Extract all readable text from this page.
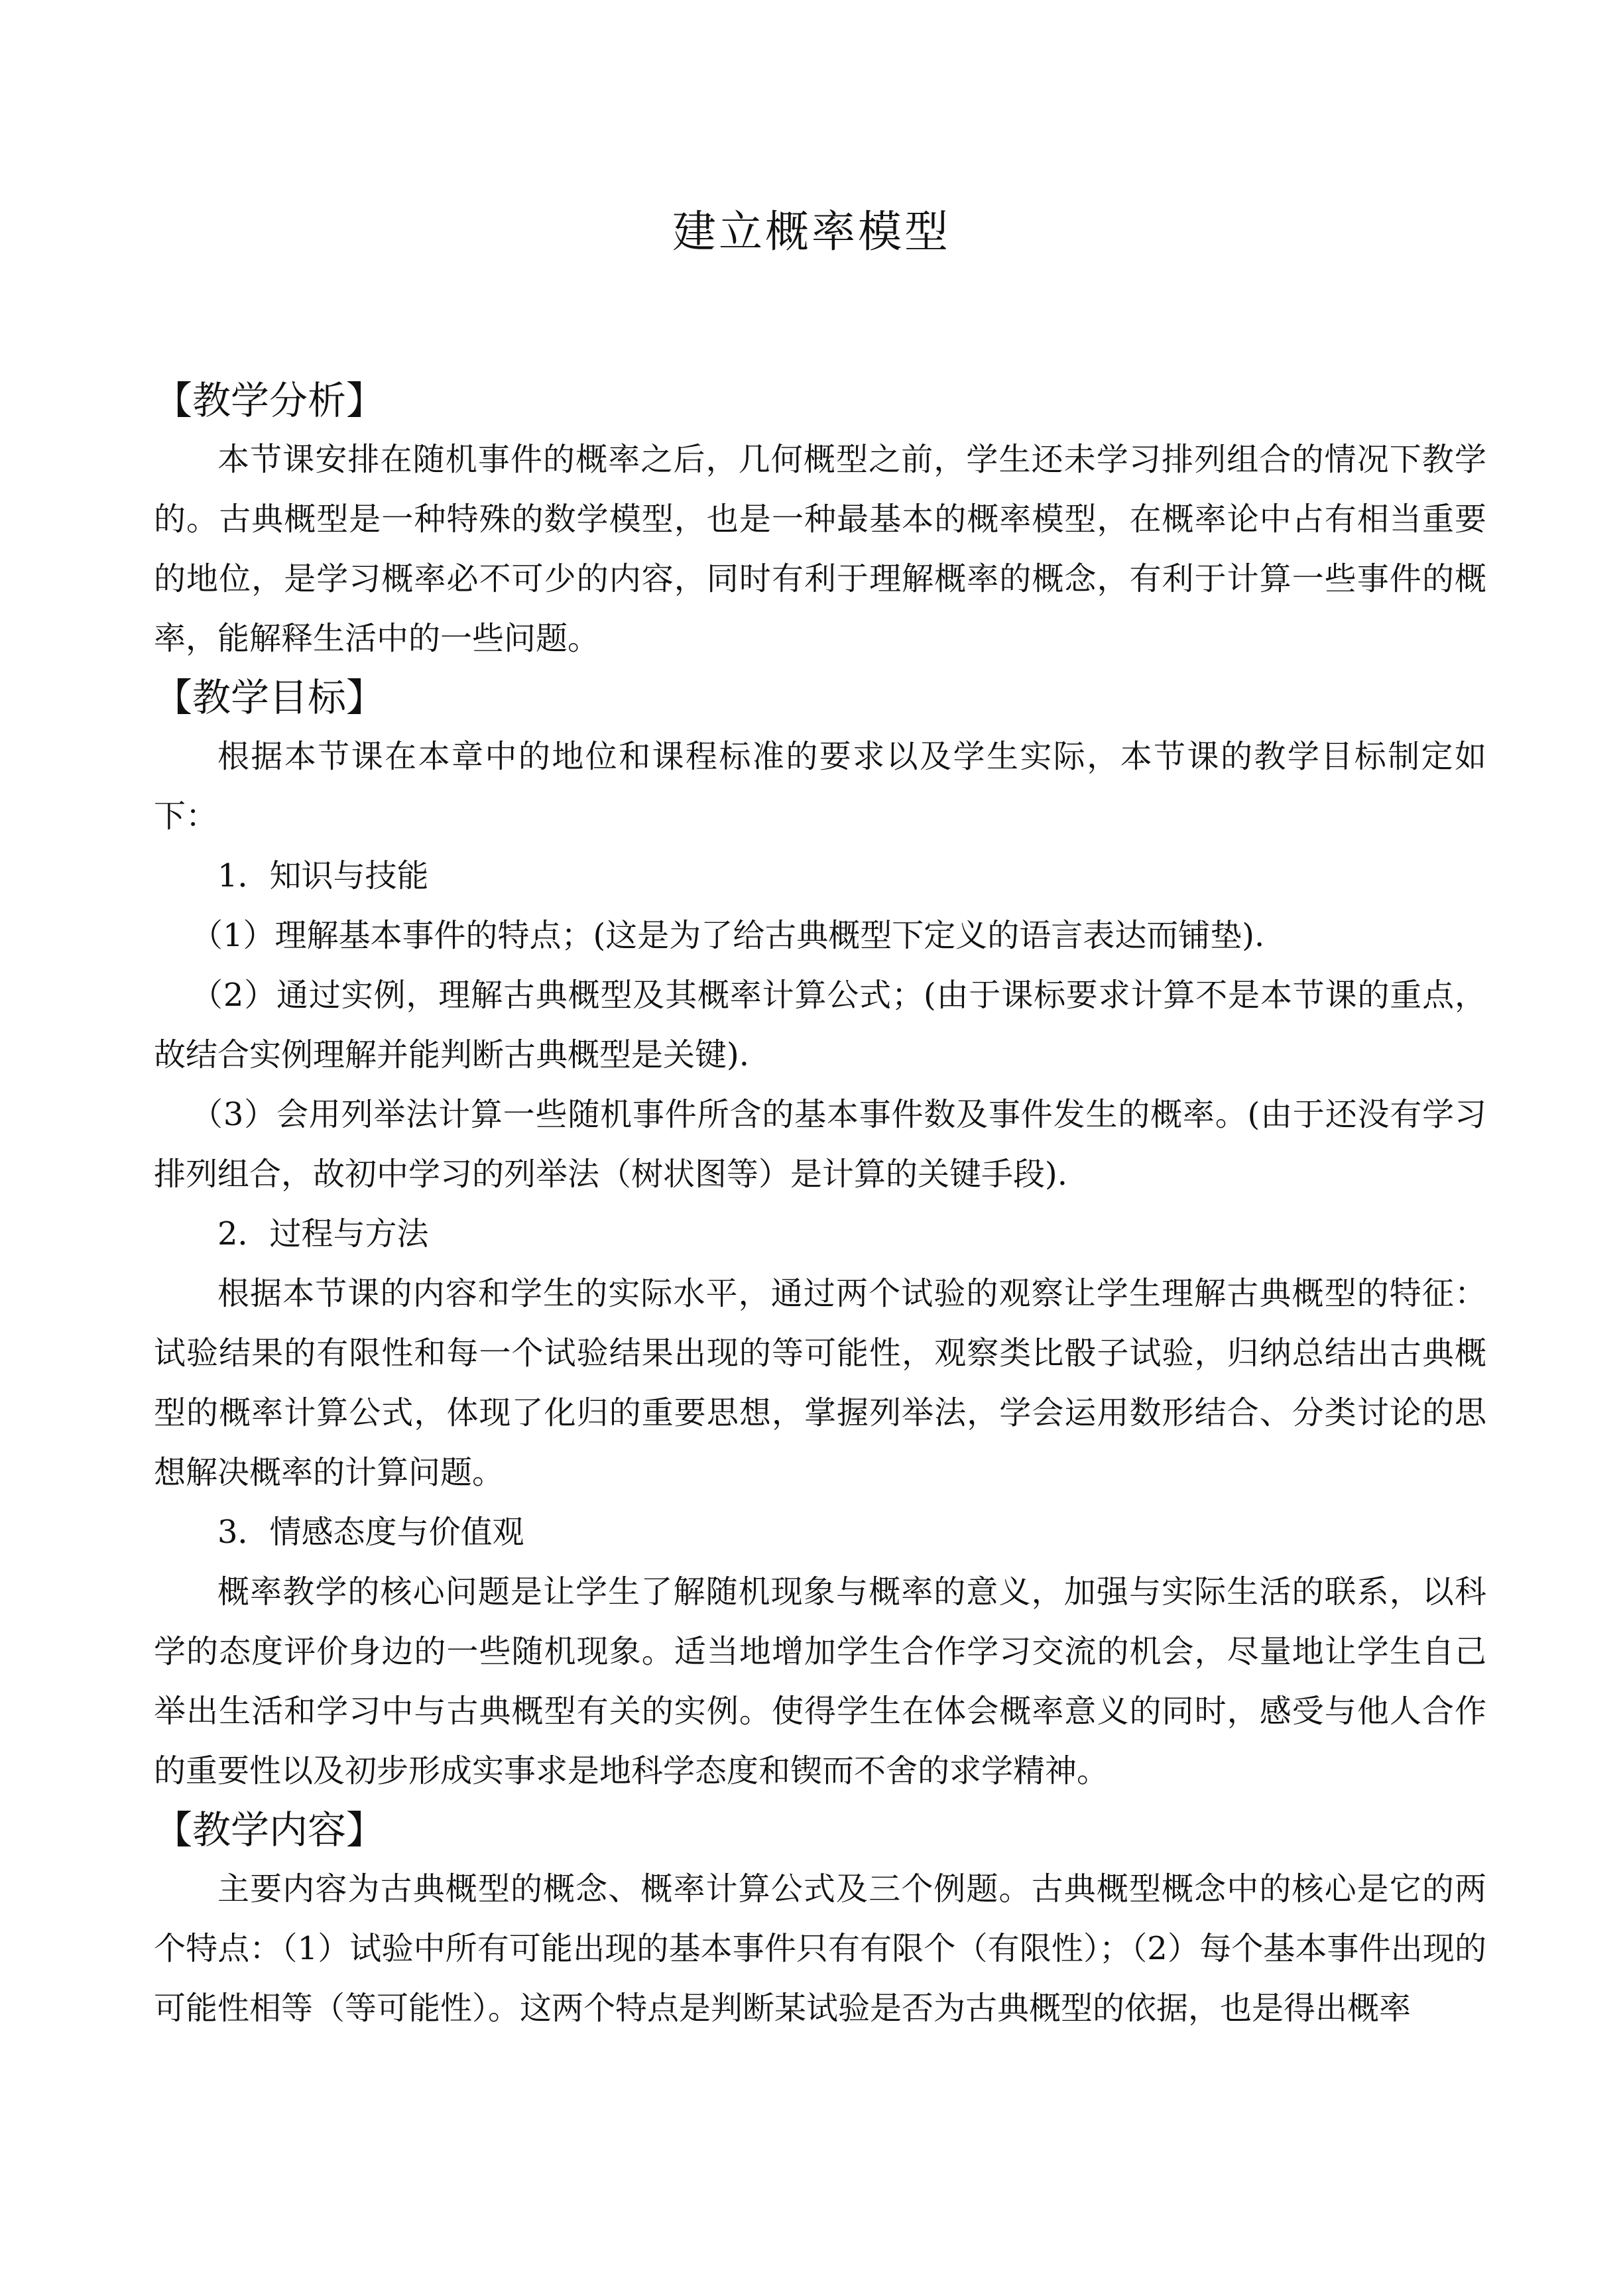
建立概率模型

【教学分析】

本节课安排在随机事件的概率之后，几何概型之前，学生还未学习排列组合的情况下教学的。古典概型是一种特殊的数学模型，也是一种最基本的概率模型，在概率论中占有相当重要的地位，是学习概率必不可少的内容，同时有利于理解概率的概念，有利于计算一些事件的概率，能解释生活中的一些问题。

【教学目标】

根据本节课在本章中的地位和课程标准的要求以及学生实际，本节课的教学目标制定如下：

1．知识与技能

（1）理解基本事件的特点；(这是为了给古典概型下定义的语言表达而铺垫).

（2）通过实例，理解古典概型及其概率计算公式；(由于课标要求计算不是本节课的重点，故结合实例理解并能判断古典概型是关键).

（3）会用列举法计算一些随机事件所含的基本事件数及事件发生的概率。(由于还没有学习排列组合，故初中学习的列举法（树状图等）是计算的关键手段).

2．过程与方法

根据本节课的内容和学生的实际水平，通过两个试验的观察让学生理解古典概型的特征：试验结果的有限性和每一个试验结果出现的等可能性，观察类比骰子试验，归纳总结出古典概型的概率计算公式，体现了化归的重要思想，掌握列举法，学会运用数形结合、分类讨论的思想解决概率的计算问题。

3．情感态度与价值观

概率教学的核心问题是让学生了解随机现象与概率的意义，加强与实际生活的联系，以科学的态度评价身边的一些随机现象。适当地增加学生合作学习交流的机会，尽量地让学生自己举出生活和学习中与古典概型有关的实例。使得学生在体会概率意义的同时，感受与他人合作的重要性以及初步形成实事求是地科学态度和锲而不舍的求学精神。

【教学内容】

主要内容为古典概型的概念、概率计算公式及三个例题。古典概型概念中的核心是它的两个特点：（1）试验中所有可能出现的基本事件只有有限个（有限性）；（2）每个基本事件出现的可能性相等（等可能性）。这两个特点是判断某试验是否为古典概型的依据，也是得出概率
